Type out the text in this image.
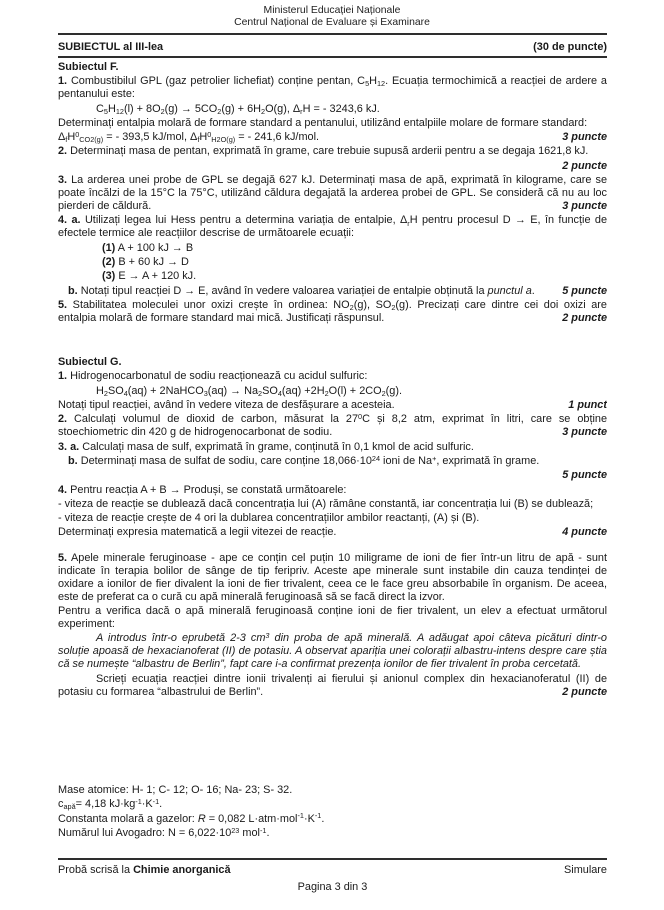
Ministerul Educației Naționale
Centrul Național de Evaluare și Examinare
SUBIECTUL al III-lea	(30 de puncte)
Subiectul F.
1. Combustibilul GPL (gaz petrolier lichefiat) conține pentan, $C_5H_{12}$. Ecuația termochimică a reacției de ardere a pentanului este:
$C_5H_{12}(l) + 8O_2(g) \to 5CO_2(g) + 6H_2O(g)$, $\Delta_rH$ = - 3243,6 kJ.
Determinați entalpia molară de formare standard a pentanului, utilizând entalpiile molare de formare standard:
$\Delta_fH^0_{CO2(g)}$ = - 393,5 kJ/mol, $\Delta_fH^0_{H2O(g)}$ = - 241,6 kJ/mol.	3 puncte
2. Determinați masa de pentan, exprimată în grame, care trebuie supusă arderii pentru a se degaja 1621,8 kJ.
2 puncte
3. La arderea unei probe de GPL se degajă 627 kJ. Determinați masa de apă, exprimată în kilograme, care se poate încălzi de la 15°C la 75°C, utilizând căldura degajată la arderea probei de GPL. Se consideră că nu au loc pierderi de căldură.	3 puncte
4. a. Utilizați legea lui Hess pentru a determina variația de entalpie, $\Delta_rH$ pentru procesul D → E, în funcție de efectele termice ale reacțiilor descrise de următoarele ecuații:
(1) A + 100 kJ → B
(2) B + 60 kJ → D
(3) E → A + 120 kJ.
b. Notați tipul reacției D → E, având în vedere valoarea variației de entalpie obținută la punctul a.	5 puncte
5. Stabilitatea moleculei unor oxizi crește în ordinea: $NO_2(g)$, $SO_2(g)$. Precizați care dintre cei doi oxizi are entalpia molară de formare standard mai mică. Justificați răspunsul.	2 puncte
Subiectul G.
1. Hidrogenocarbonatul de sodiu reacționează cu acidul sulfuric:
$H_2SO_4(aq)$ + 2NaHCO$_3$(aq) → $Na_2SO_4(aq) +2H_2O(l) + 2CO_2(g)$.
Notați tipul reacției, având în vedere viteza de desfășurare a acesteia.	1 punct
2. Calculați volumul de dioxid de carbon, măsurat la $27^0C$ și 8,2 atm, exprimat în litri, care se obține stoechiometric din 420 g de hidrogenocarbonat de sodiu.	3 puncte
3. a. Calculați masa de sulf, exprimată în grame, conținută în 0,1 kmol de acid sulfuric.
b. Determinați masa de sulfat de sodiu, care conține $18,066\cdot 10^{24}$ ioni de Na+, exprimată în grame.
5 puncte
4. Pentru reacția A + B → Produși, se constată următoarele:
- viteza de reacție se dublează dacă concentrația lui (A) rămâne constantă, iar concentrația lui (B) se dublează;
- viteza de reacție crește de 4 ori la dublarea concentrațiilor ambilor reactanți, (A) și (B).
Determinați expresia matematică a legii vitezei de reacție.	4 puncte
5. Apele minerale feruginoase - ape ce conțin cel puțin 10 miligrame de ioni de fier într-un litru de apă - sunt indicate în terapia bolilor de sânge de tip feripriv. Aceste ape minerale sunt instabile din cauza tendinței de oxidare a ionilor de fier divalent la ioni de fier trivalent, ceea ce le face greu absorbabile în organism. De aceea, este de preferat ca o cură cu apă minerală feruginoasă să se facă direct la izvor.
Pentru a verifica dacă o apă minerală feruginoasă conține ioni de fier trivalent, un elev a efectuat următorul experiment:
A introdus într-o eprubetă 2-3 $cm^3$ din proba de apă minerală. A adăugat apoi câteva picături dintr-o soluție apoasă de hexacianoferat (II) de potasiu. A observat apariția unei colorații albastru-intens despre care știa că se numește “albastru de Berlin”, fapt care i-a confirmat prezența ionilor de fier trivalent în proba cercetată.
Scrieți ecuația reacției dintre ionii trivalenți ai fierului și anionul complex din hexacianoferatul (II) de potasiu cu formarea “albastrului de Berlin”.	2 puncte
Mase atomice: H- 1; C- 12; O- 16; Na- 23; S- 32.
$c_{apă}= 4,18$ $kJ\cdot kg^{-1}\cdot K^{-1}$.
Constanta molară a gazelor: R = 0,082 $L\cdot atm\cdot mol^{-1}\cdot K^{-1}$.
Numărul lui Avogadro: $N = 6,022\cdot 10^{23}$ mol$^{-1}$.
Probă scrisă la Chimie anorganică	Simulare
Pagina 3 din 3
